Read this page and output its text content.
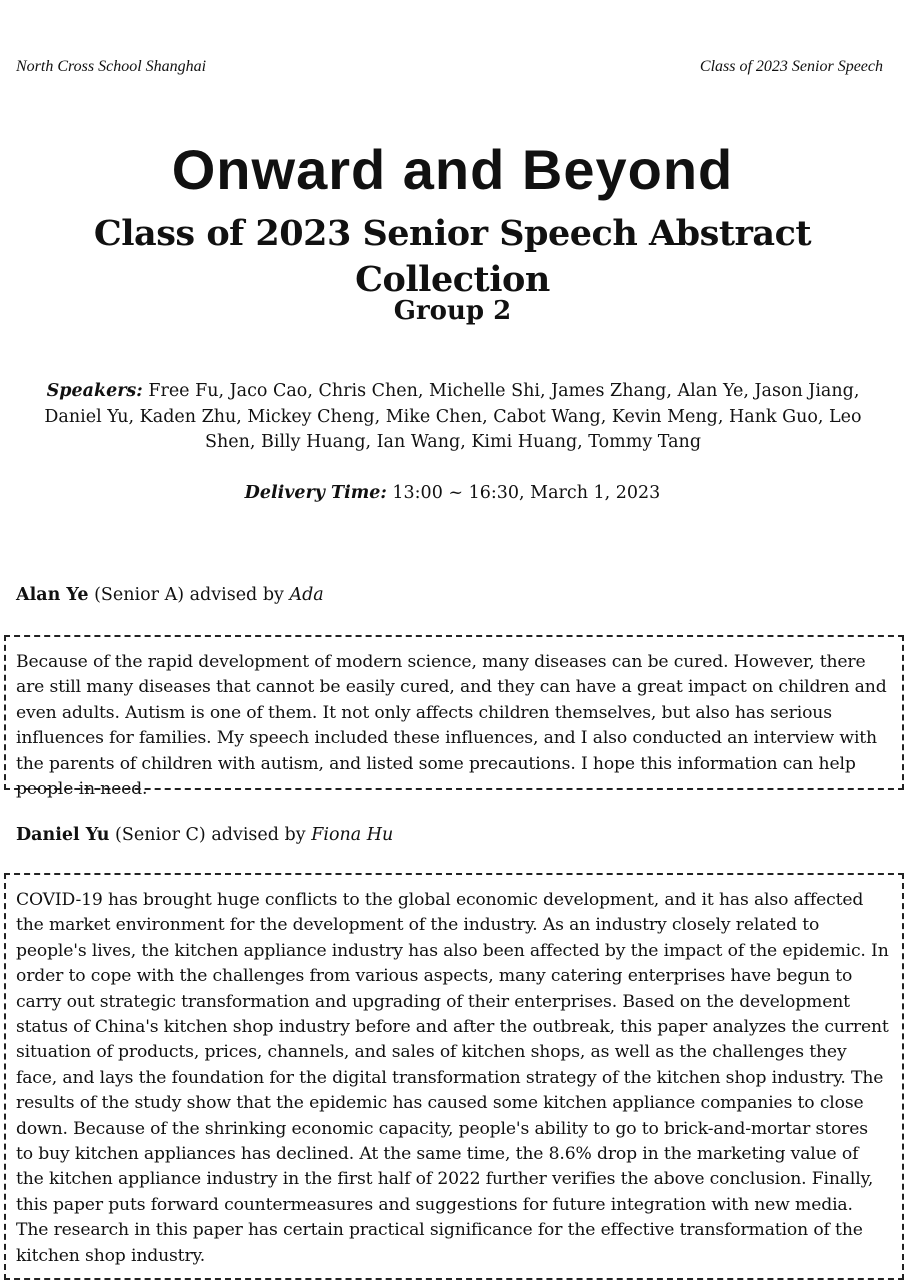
North Cross School Shanghai	Class of 2023 Senior Speech
Onward and Beyond
Class of 2023 Senior Speech Abstract Collection
Group 2
Speakers: Free Fu, Jaco Cao, Chris Chen, Michelle Shi, James Zhang, Alan Ye, Jason Jiang, Daniel Yu, Kaden Zhu, Mickey Cheng, Mike Chen, Cabot Wang, Kevin Meng, Hank Guo, Leo Shen, Billy Huang, Ian Wang, Kimi Huang, Tommy Tang
Delivery Time: 13:00 ~ 16:30, March 1, 2023
Alan Ye (Senior A) advised by Ada
Because of the rapid development of modern science, many diseases can be cured. However, there are still many diseases that cannot be easily cured, and they can have a great impact on children and even adults. Autism is one of them. It not only affects children themselves, but also has serious influences for families. My speech included these influences, and I also conducted an interview with the parents of children with autism, and listed some precautions. I hope this information can help people in need.
Daniel Yu (Senior C) advised by Fiona Hu
COVID-19 has brought huge conflicts to the global economic development, and it has also affected the market environment for the development of the industry. As an industry closely related to people's lives, the kitchen appliance industry has also been affected by the impact of the epidemic. In order to cope with the challenges from various aspects, many catering enterprises have begun to carry out strategic transformation and upgrading of their enterprises. Based on the development status of China's kitchen shop industry before and after the outbreak, this paper analyzes the current situation of products, prices, channels, and sales of kitchen shops, as well as the challenges they face, and lays the foundation for the digital transformation strategy of the kitchen shop industry. The results of the study show that the epidemic has caused some kitchen appliance companies to close down. Because of the shrinking economic capacity, people's ability to go to brick-and-mortar stores to buy kitchen appliances has declined. At the same time, the 8.6% drop in the marketing value of the kitchen appliance industry in the first half of 2022 further verifies the above conclusion. Finally, this paper puts forward countermeasures and suggestions for future integration with new media. The research in this paper has certain practical significance for the effective transformation of the kitchen shop industry.
